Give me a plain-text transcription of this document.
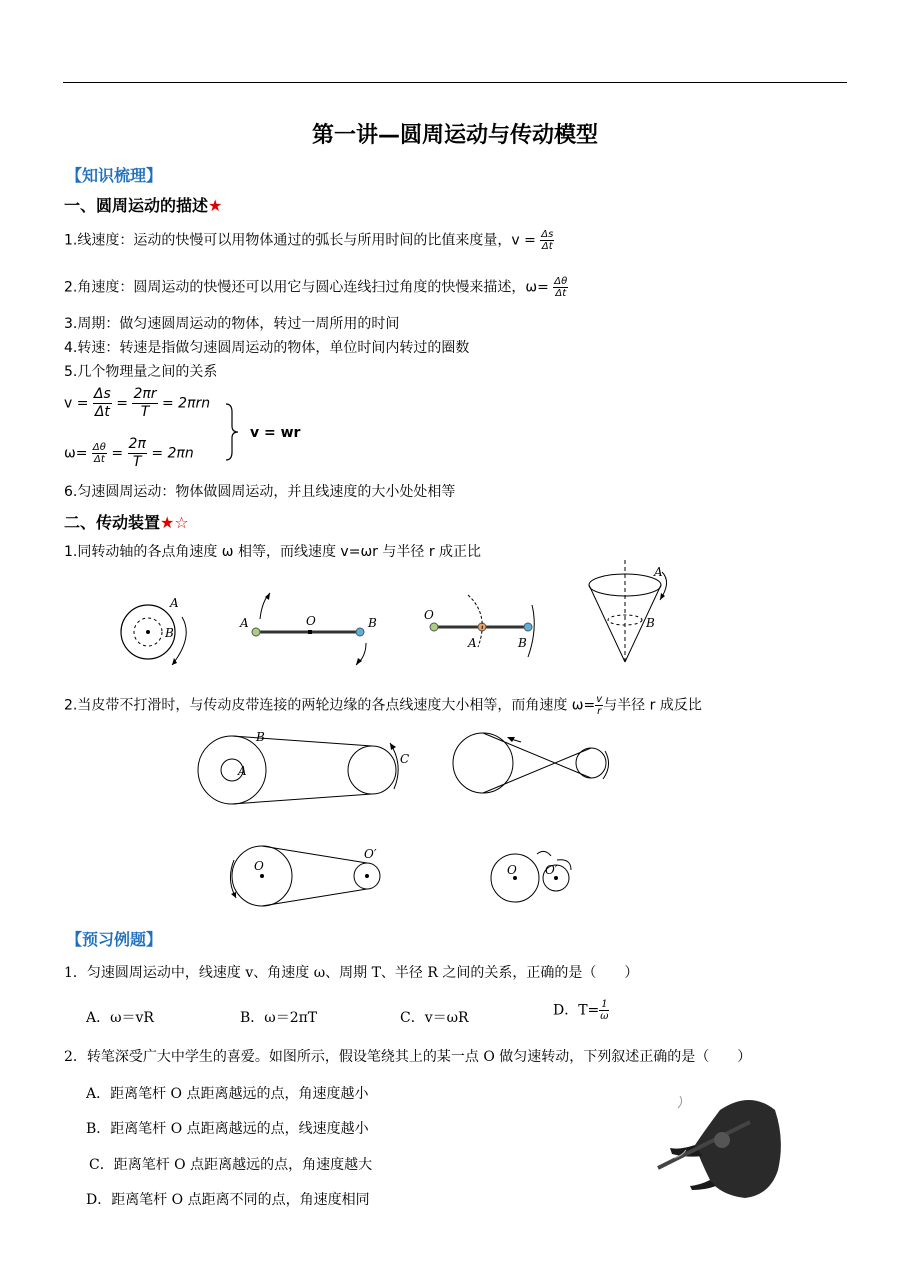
第一讲—圆周运动与传动模型
【知识梳理】
一、圆周运动的描述★
1.线速度：运动的快慢可以用物体通过的弧长与所用时间的比值来度量，$v = \frac{\Delta s}{\Delta t}$
2.角速度：圆周运动的快慢还可以用它与圆心连线扫过角度的快慢来描述，$\omega= \frac{\Delta\theta}{\Delta t}$
3.周期：做匀速圆周运动的物体，转过一周所用的时间
4.转速：转速是指做匀速圆周运动的物体，单位时间内转过的圈数
5.几个物理量之间的关系
$v = \frac{\Delta s}{\Delta t} = \frac{2\pi r}{T} = 2\pi rn$
$\omega= \frac{\Delta\theta}{\Delta t} = \frac{2\pi}{T} = 2\pi n$
v = wr
6.匀速圆周运动：物体做圆周运动，并且线速度的大小处处相等
二、传动装置★☆
1.同转动轴的各点角速度 ω 相等，而线速度 v=ωr 与半径 r 成正比
A
B
A	O	B
O
A	B
A
B
2.当皮带不打滑时，与传动皮带连接的两轮边缘的各点线速度大小相等，而角速度 $\omega= \frac{v}{r}$ 与半径 r 成反比
B
A
C
O
O′
O O′
【预习例题】
1．匀速圆周运动中，线速度 v、角速度 ω、周期 T、半径 R 之间的关系，正确的是（　　）
A．ω＝vR	B．ω＝2πT	C．v＝ωR	D．$T= \frac{1}{\omega}$
2．转笔深受广大中学生的喜爱。如图所示，假设笔绕其上的某一点 O 做匀速转动，下列叙述正确的是（　　）
A．距离笔杆 O 点距离越远的点，角速度越小
B．距离笔杆 O 点距离越远的点，线速度越小
C．距离笔杆 O 点距离越远的点，角速度越大
D．距离笔杆 O 点距离不同的点，角速度相同
